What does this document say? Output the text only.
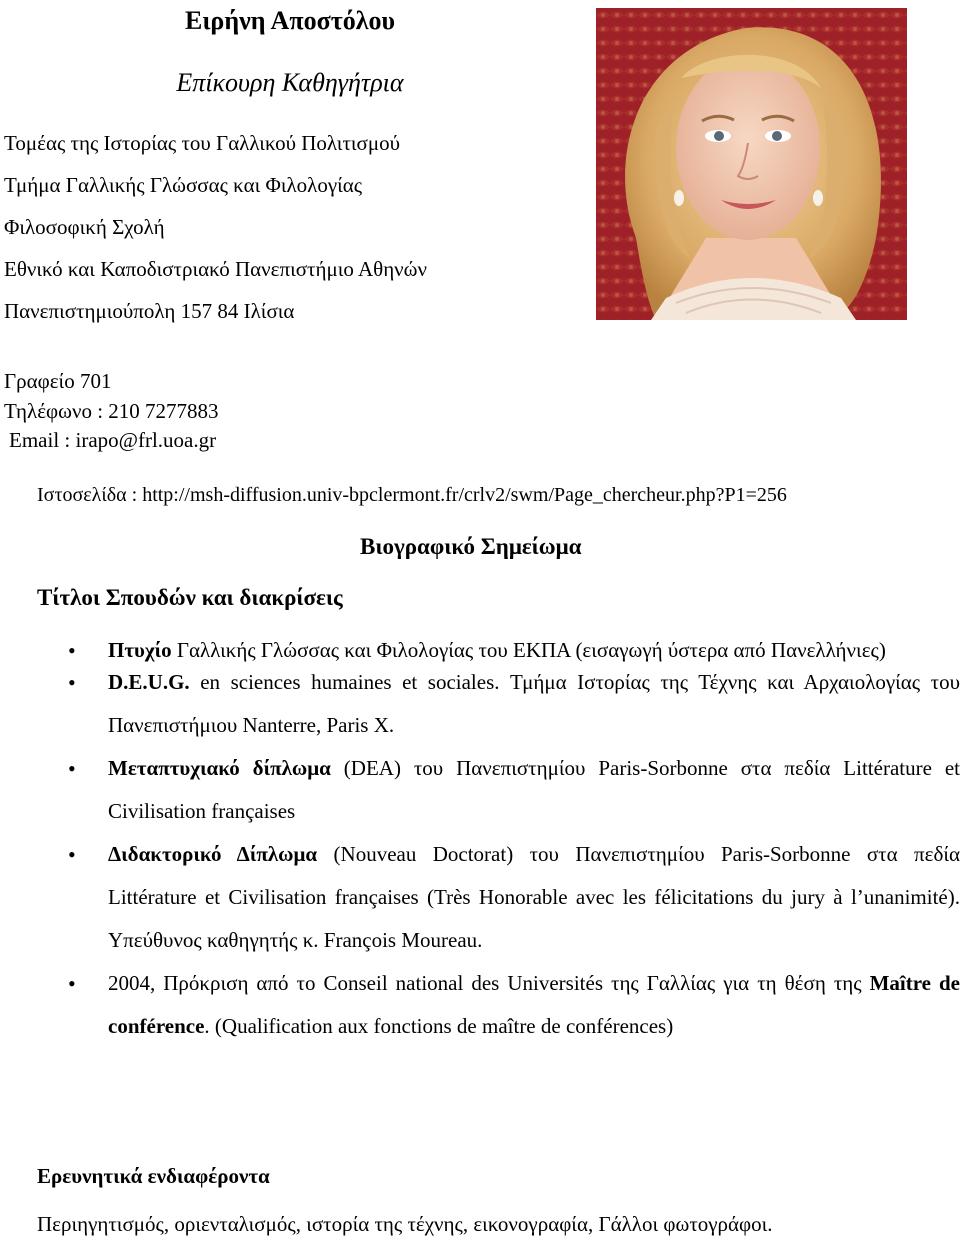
Ειρήνη Αποστόλου
Επίκουρη Καθηγήτρια
Τομέας της Ιστορίας του Γαλλικού Πολιτισμού
Τμήμα Γαλλικής Γλώσσας και Φιλολογίας
Φιλοσοφική Σχολή
Εθνικό και Καποδιστριακό Πανεπιστήμιο Αθηνών
Πανεπιστημιούπολη 157 84 Ιλίσια
Γραφείο 701
Τηλέφωνο : 210 7277883
Email : irapo@frl.uoa.gr
Ιστοσελίδα : http://msh-diffusion.univ-bpclermont.fr/crlv2/swm/Page_chercheur.php?P1=256
Βιογραφικό Σημείωμα
Τίτλοι Σπουδών και διακρίσεις
• Πτυχίο Γαλλικής Γλώσσας και Φιλολογίας του ΕΚΠΑ (εισαγωγή ύστερα από Πανελλήνιες)
• D.E.U.G. en sciences humaines et sociales. Τμήμα Ιστορίας της Τέχνης και Αρχαιολογίας του Πανεπιστήμιου Nanterre, Paris X.
• Μεταπτυχιακό δίπλωμα (DEA) του Πανεπιστημίου Paris-Sorbonne στα πεδία Littérature et Civilisation françaises
• Διδακτορικό Δίπλωμα (Nouveau Doctorat) του Πανεπιστημίου Paris-Sorbonne στα πεδία Littérature et Civilisation françaises (Très Honorable avec les félicitations du jury à l’unanimité). Υπεύθυνος καθηγητής κ. François Moureau.
• 2004, Πρόκριση από το Conseil national des Universités της Γαλλίας για τη θέση της Maître de conférence. (Qualification aux fonctions de maître de conférences)
Ερευνητικά ενδιαφέροντα
Περιηγητισμός, οριενταλισμός, ιστορία της τέχνης, εικονογραφία, Γάλλοι φωτογράφοι.
